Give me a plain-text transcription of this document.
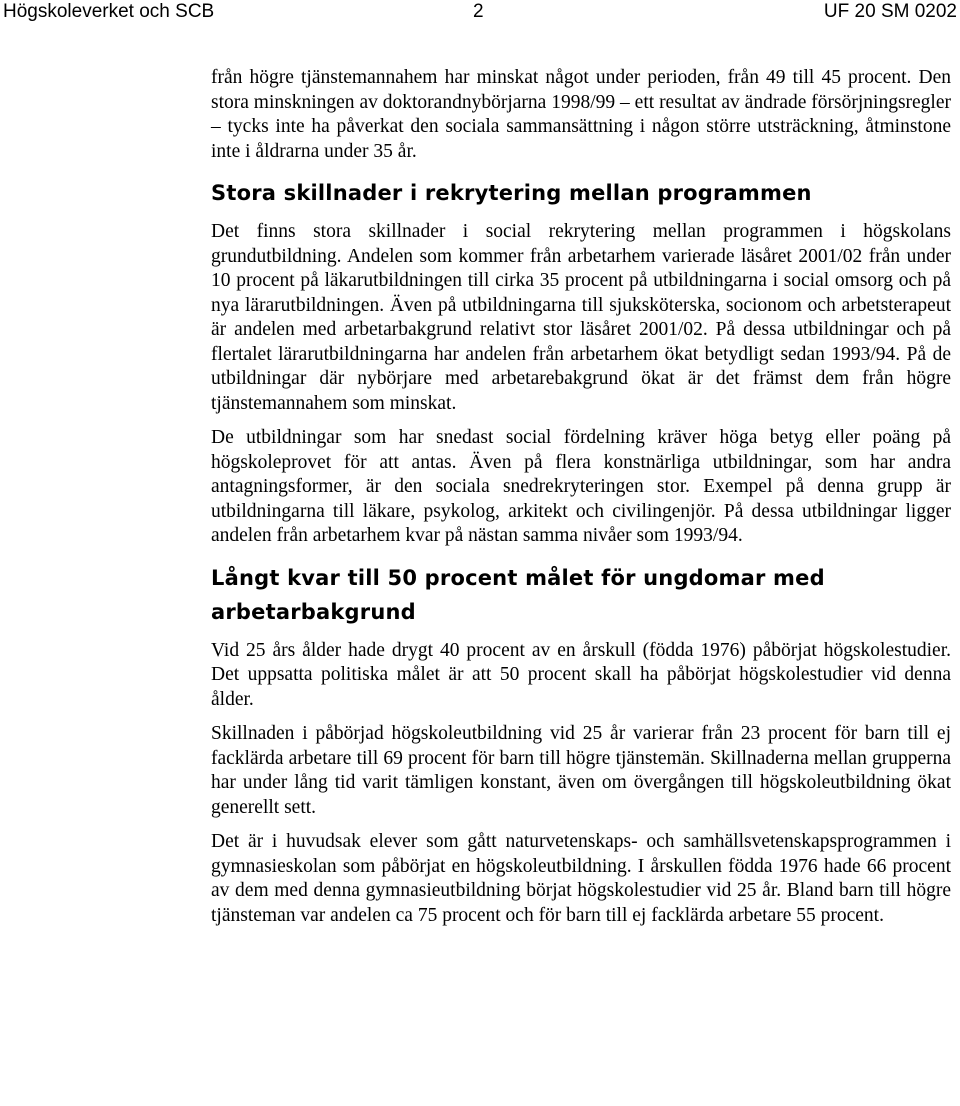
Högskoleverket och SCB	2	UF 20 SM 0202

från högre tjänstemannahem har minskat något under perioden, från 49 till 45 procent. Den stora minskningen av doktorandnybörjarna 1998/99 – ett resultat av ändrade försörjningsregler – tycks inte ha påverkat den sociala sammansättning i någon större utsträckning, åtminstone inte i åldrarna under 35 år.

Stora skillnader i rekrytering mellan programmen

Det finns stora skillnader i social rekrytering mellan programmen i högskolans grundutbildning. Andelen som kommer från arbetarhem varierade läsåret 2001/02 från under 10 procent på läkarutbildningen till cirka 35 procent på utbildningarna i social omsorg och på nya lärarutbildningen. Även på utbildningarna till sjuksköterska, socionom och arbetsterapeut är andelen med arbetarbakgrund relativt stor läsåret 2001/02. På dessa utbildningar och på flertalet lärarutbildningarna har andelen från arbetarhem ökat betydligt sedan 1993/94. På de utbildningar där nybörjare med arbetarebakgrund ökat är det främst dem från högre tjänstemannahem som minskat.

De utbildningar som har snedast social fördelning kräver höga betyg eller poäng på högskoleprovet för att antas. Även på flera konstnärliga utbildningar, som har andra antagningsformer, är den sociala snedrekryteringen stor. Exempel på denna grupp är utbildningarna till läkare, psykolog, arkitekt och civilingenjör. På dessa utbildningar ligger andelen från arbetarhem kvar på nästan samma nivåer som 1993/94.

Långt kvar till 50 procent målet för ungdomar med arbetarbakgrund

Vid 25 års ålder hade drygt 40 procent av en årskull (födda 1976) påbörjat högskolestudier. Det uppsatta politiska målet är att 50 procent skall ha påbörjat högskolestudier vid denna ålder.

Skillnaden i påbörjad högskoleutbildning vid 25 år varierar från 23 procent för barn till ej facklärda arbetare till 69 procent för barn till högre tjänstemän. Skillnaderna mellan grupperna har under lång tid varit tämligen konstant, även om övergången till högskoleutbildning ökat generellt sett.

Det är i huvudsak elever som gått naturvetenskaps- och samhällsvetenskapsprogrammen i gymnasieskolan som påbörjat en högskoleutbildning. I årskullen födda 1976 hade 66 procent av dem med denna gymnasieutbildning börjat högskolestudier vid 25 år. Bland barn till högre tjänsteman var andelen ca 75 procent och för barn till ej facklärda arbetare 55 procent.
